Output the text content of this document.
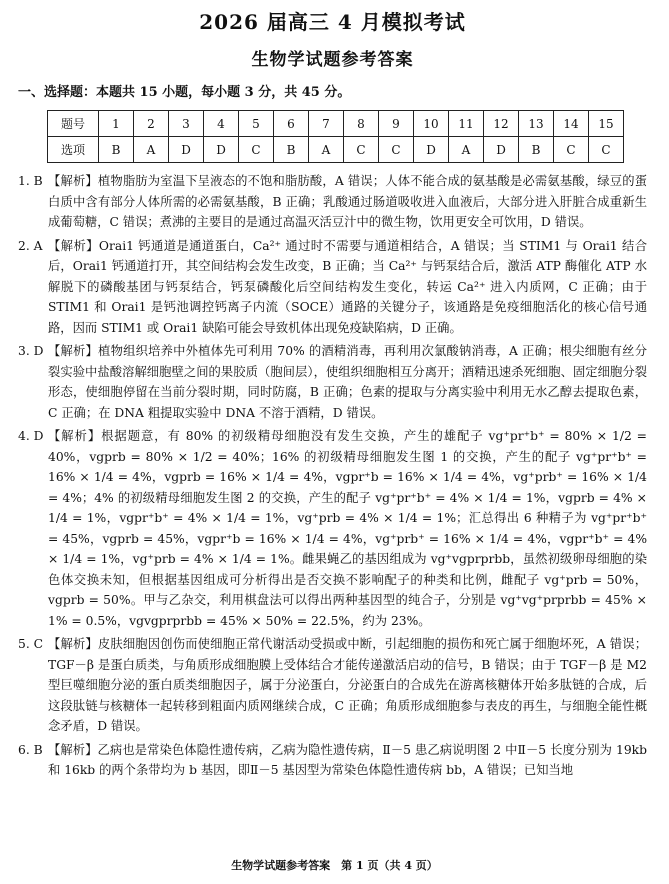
2026 届高三 4 月模拟考试
生物学试题参考答案
一、选择题：本题共 15 小题，每小题 3 分，共 45 分。
题号	1	2	3	4	5	6	7	8	9	10	11	12	13	14	15
选项	B	A	D	D	C	B	A	C	C	D	A	D	B	C	C
1. B 【解析】植物脂肪为室温下呈液态的不饱和脂肪酸，A 错误；人体不能合成的氨基酸是必需氨基酸，绿豆的蛋白质中含有部分人体所需的必需氨基酸，B 正确；乳酸通过肠道吸收进入血液后，大部分进入肝脏合成重新生成葡萄糖，C 错误；煮沸的主要目的是通过高温灭活豆汁中的微生物，饮用更安全可饮用，D 错误。
2. A 【解析】Orai1 钙通道是通道蛋白，Ca²⁺ 通过时不需要与通道相结合，A 错误；当 STIM1 与 Orai1 结合后，Orai1 钙通道打开，其空间结构会发生改变，B 正确；当 Ca²⁺ 与钙泵结合后，激活 ATP 酶催化 ATP 水解脱下的磷酸基团与钙泵结合，钙泵磷酸化后空间结构发生变化，转运 Ca²⁺ 进入内质网，C 正确；由于 STIM1 和 Orai1 是钙池调控钙离子内流（SOCE）通路的关键分子，该通路是免疫细胞活化的核心信号通路，因而 STIM1 或 Orai1 缺陷可能会导致机体出现免疫缺陷病，D 正确。
3. D 【解析】植物组织培养中外植体先可利用 70% 的酒精消毒，再利用次氯酸钠消毒，A 正确；根尖细胞有丝分裂实验中盐酸溶解细胞壁之间的果胶质（胞间层），使组织细胞相互分离开；酒精迅速杀死细胞、固定细胞分裂形态，使细胞停留在当前分裂时期，同时防腐，B 正确；色素的提取与分离实验中利用无水乙醇去提取色素，C 正确；在 DNA 粗提取实验中 DNA 不溶于酒精，D 错误。
4. D 【解析】根据题意，有 80% 的初级精母细胞没有发生交换，产生的雄配子 vg⁺pr⁺b⁺ = 80% × 1/2 = 40%，vgprb = 80% × 1/2 = 40%；16% 的初级精母细胞发生图 1 的交换，产生的配子 vg⁺pr⁺b⁺ = 16% × 1/4 = 4%，vgprb = 16% × 1/4 = 4%，vgpr⁺b = 16% × 1/4 = 4%，vg⁺prb⁺ = 16% × 1/4 = 4%；4% 的初级精母细胞发生图 2 的交换，产生的配子 vg⁺pr⁺b⁺ = 4% × 1/4 = 1%，vgprb = 4% × 1/4 = 1%，vgpr⁺b⁺ = 4% × 1/4 = 1%，vg⁺prb = 4% × 1/4 = 1%；汇总得出 6 种精子为 vg⁺pr⁺b⁺ = 45%，vgprb = 45%，vgpr⁺b = 16% × 1/4 = 4%，vg⁺prb⁺ = 16% × 1/4 = 4%，vgpr⁺b⁺ = 4% × 1/4 = 1%，vg⁺prb = 4% × 1/4 = 1%。雌果蝇乙的基因组成为 vg⁺vgprprbb，虽然初级卵母细胞的染色体交换未知，但根据基因组成可分析得出是否交换不影响配子的种类和比例，雌配子 vg⁺prb = 50%，vgprb = 50%。甲与乙杂交，利用棋盘法可以得出两种基因型的纯合子，分别是 vg⁺vg⁺prprbb = 45% × 1% = 0.5%，vgvgprprbb = 45% × 50% = 22.5%，约为 23%。
5. C 【解析】皮肤细胞因创伤而使细胞正常代谢活动受损或中断，引起细胞的损伤和死亡属于细胞坏死，A 错误；TGF－β 是蛋白质类，与角质形成细胞膜上受体结合才能传递激活启动的信号，B 错误；由于 TGF－β 是 M2 型巨噬细胞分泌的蛋白质类细胞因子，属于分泌蛋白，分泌蛋白的合成先在游离核糖体开始多肽链的合成，后这段肽链与核糖体一起转移到粗面内质网继续合成，C 正确；角质形成细胞参与表皮的再生，与细胞全能性概念矛盾，D 错误。
6. B 【解析】乙病也是常染色体隐性遗传病，乙病为隐性遗传病，Ⅱ－5 患乙病说明图 2 中Ⅱ－5 长度分别为 19kb 和 16kb 的两个条带均为 b 基因，即Ⅱ－5 基因型为常染色体隐性遗传病 bb，A 错误；已知当地
生物学试题参考答案　第 1 页（共 4 页）
